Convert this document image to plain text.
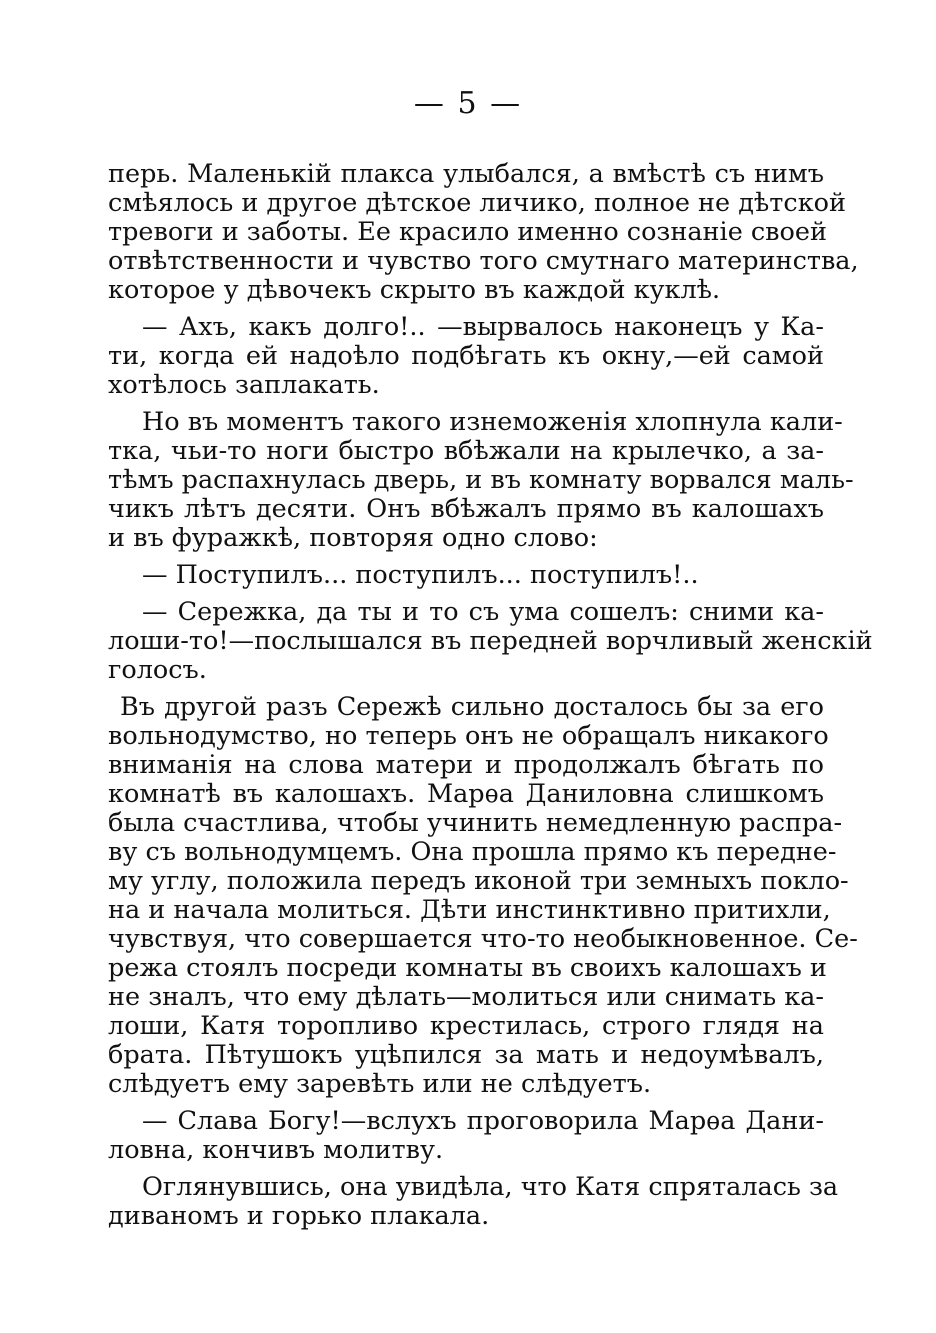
— 5 —
перь. Маленькій плакса улыбался, а вмѣстѣ съ нимъ
смѣялось и другое дѣтское личико, полное не дѣтской
тревоги и заботы. Ее красило именно сознаніе своей
отвѣтственности и чувство того смутнаго материнства,
которое у дѣвочекъ скрыто въ каждой куклѣ.
— Ахъ, какъ долго!.. —вырвалось наконецъ у Ка-
ти, когда ей надоѣло подбѣгать къ окну,—ей самой
хотѣлось заплакать.
Но въ моментъ такого изнеможенія хлопнула кали-
тка, чьи-то ноги быстро вбѣжали на крылечко, а за-
тѣмъ распахнулась дверь, и въ комнату ворвался маль-
чикъ лѣтъ десяти. Онъ вбѣжалъ прямо въ калошахъ
и въ фуражкѣ, повторяя одно слово:
— Поступилъ... поступилъ... поступилъ!..
— Сережка, да ты и то съ ума сошелъ: сними ка-
лоши-то!—послышался въ передней ворчливый женскій
голосъ.
Въ другой разъ Сережѣ сильно досталось бы за его
вольнодумство, но теперь онъ не обращалъ никакого
вниманія на слова матери и продолжалъ бѣгать по
комнатѣ въ калошахъ. Марѳа Даниловна слишкомъ
была счастлива, чтобы учинить немедленную распра-
ву съ вольнодумцемъ. Она прошла прямо къ передне-
му углу, положила передъ иконой три земныхъ покло-
на и начала молиться. Дѣти инстинктивно притихли,
чувствуя, что совершается что-то необыкновенное. Се-
режа стоялъ посреди комнаты въ своихъ калошахъ и
не зналъ, что ему дѣлать—молиться или снимать ка-
лоши, Катя торопливо крестилась, строго глядя на
брата. Пѣтушокъ уцѣпился за мать и недоумѣвалъ,
слѣдуетъ ему заревѣть или не слѣдуетъ.
— Слава Богу!—вслухъ проговорила Марѳа Дани-
ловна, кончивъ молитву.
Оглянувшись, она увидѣла, что Катя спряталась за
диваномъ и горько плакала.
